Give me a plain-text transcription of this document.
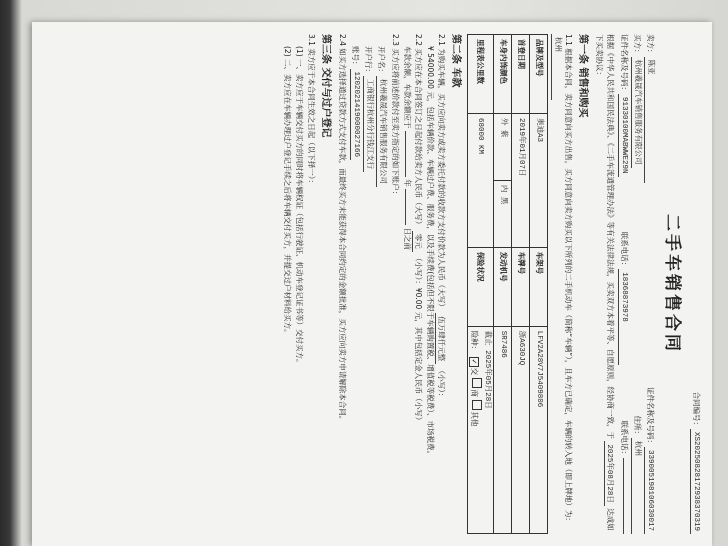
合同编号：
XS20250828172938370319
二手车销售合同
卖方：
陈亚
证件名称及号码：
339005198106030017
买方：
杭州羲晟汽车销售服务有限公司
住所：
杭州
证件名称及号码：
91330100MABWWE29N
联系电话：
18368873978
联系电话：
根据《中华人民共和国民法典》、《二手车流通管理办法》等有关法律法规，买卖双方本着平等、自愿原则，经协商一致，于 2025年08月28日 达成如下买卖协议：
第一条 销售和购买
1.1 根据本合同，卖方同意向买方出售，买方同意向卖方购买以下所列的二手机动车（简称“车辆”），且车方已确定，车辆的转入地（即上牌地）为： 杭州
品牌及型号	奥迪A3		车架号	LFV2A28V7J5409806
首登日期	2019年01月07日		车牌号	浙A630JQ
车身内饰颜色	外 紫	内 黑	发动机号	SR7486
里程表公里数	68000 KM		保险状况	截止 2025年05月28日
险种： ✓交 商 其他
第二条 车款
2.1 为购买车辆，买方应向卖方或卖方委托付款的收款方支付价款为人民币（大写） 伍万肆仟元整 （小写）：
¥ 54000.00 元，包括车辆价款、车辆过户费、服务费，以及手续费(包括但不限于车辆购置税、增值税等税费）、市场税费。
2.2 买方应在本合同签订之日起付款给卖方人民币（大写） 零元 （小写）：¥0.00 元，其中包括定金人民币（小写）
车款余额，车款余额应于  年  日之前
2.3 买方应将前述价款付至卖方指定的如下账户：
开户名：
杭州羲晟汽车销售服务有限公司
开户行：
工商银行杭州分行钱江支行
账号：
1202021419000027166
2.4 如买方选择通过贷款方式支付车款，而最终买方未能获得本合同约定的金额批准，买方应向卖方申请解除本合同。
第三条 交付与过户登记
3.1 卖方应于本合同生效之日起（以下择一）：
(1) 一、卖方应于车辆交付买方的同时将车辆权证（包括行驶证、机动车登记证书等）交付买方。
(2) 二、卖方应在车辆办理过户登记手续之后将车辆交付买方，并提交过户材料给买方。
